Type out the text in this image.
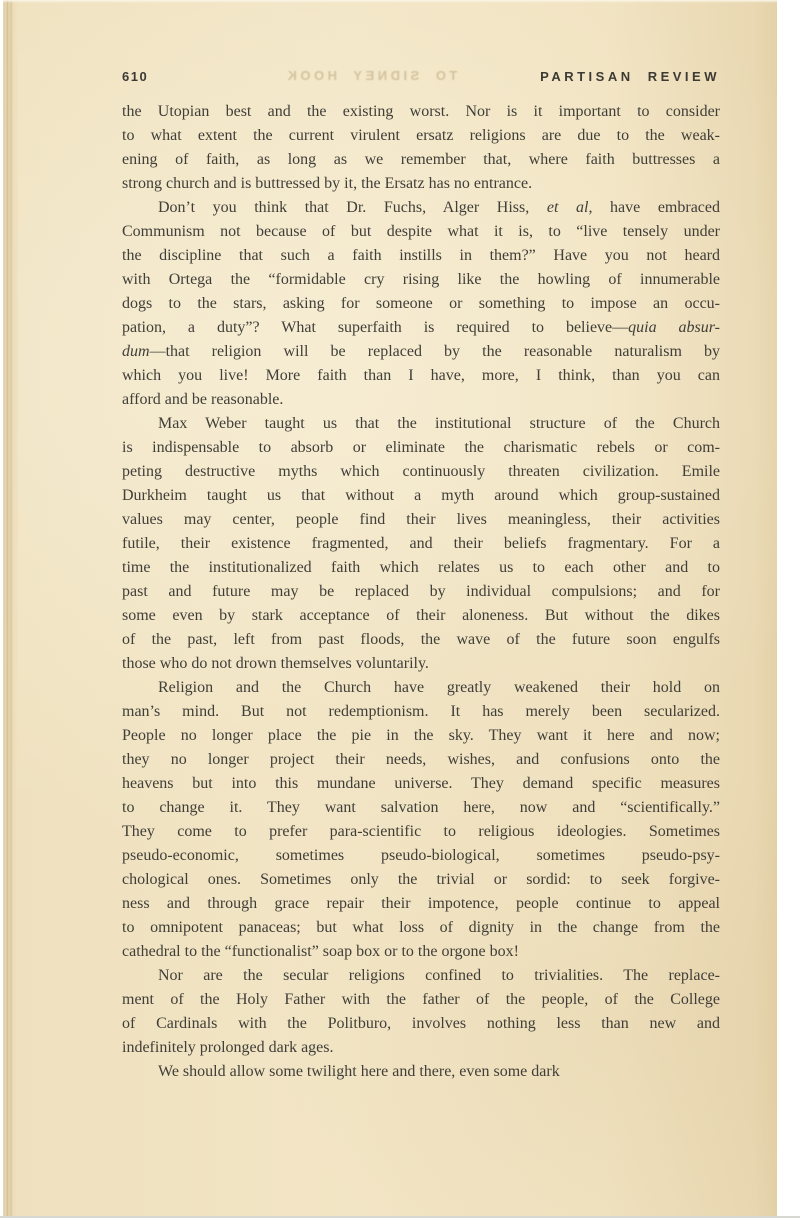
TO SIDNEY HOOK
610	PARTISAN REVIEW
the Utopian best and the existing worst. Nor is it important to consider
to what extent the current virulent ersatz religions are due to the weak-
ening of faith, as long as we remember that, where faith buttresses a
strong church and is buttressed by it, the Ersatz has no entrance.
Don’t you think that Dr. Fuchs, Alger Hiss, et al, have embraced
Communism not because of but despite what it is, to “live tensely under
the discipline that such a faith instills in them?” Have you not heard
with Ortega the “formidable cry rising like the howling of innumerable
dogs to the stars, asking for someone or something to impose an occu-
pation, a duty”? What superfaith is required to believe—quia absur-
dum—that religion will be replaced by the reasonable naturalism by
which you live! More faith than I have, more, I think, than you can
afford and be reasonable.
Max Weber taught us that the institutional structure of the Church
is indispensable to absorb or eliminate the charismatic rebels or com-
peting destructive myths which continuously threaten civilization. Emile
Durkheim taught us that without a myth around which group-sustained
values may center, people find their lives meaningless, their activities
futile, their existence fragmented, and their beliefs fragmentary. For a
time the institutionalized faith which relates us to each other and to
past and future may be replaced by individual compulsions; and for
some even by stark acceptance of their aloneness. But without the dikes
of the past, left from past floods, the wave of the future soon engulfs
those who do not drown themselves voluntarily.
Religion and the Church have greatly weakened their hold on
man’s mind. But not redemptionism. It has merely been secularized.
People no longer place the pie in the sky. They want it here and now;
they no longer project their needs, wishes, and confusions onto the
heavens but into this mundane universe. They demand specific measures
to change it. They want salvation here, now and “scientifically.”
They come to prefer para-scientific to religious ideologies. Sometimes
pseudo-economic, sometimes pseudo-biological, sometimes pseudo-psy-
chological ones. Sometimes only the trivial or sordid: to seek forgive-
ness and through grace repair their impotence, people continue to appeal
to omnipotent panaceas; but what loss of dignity in the change from the
cathedral to the “functionalist” soap box or to the orgone box!
Nor are the secular religions confined to trivialities. The replace-
ment of the Holy Father with the father of the people, of the College
of Cardinals with the Politburo, involves nothing less than new and
indefinitely prolonged dark ages.
We should allow some twilight here and there, even some dark
